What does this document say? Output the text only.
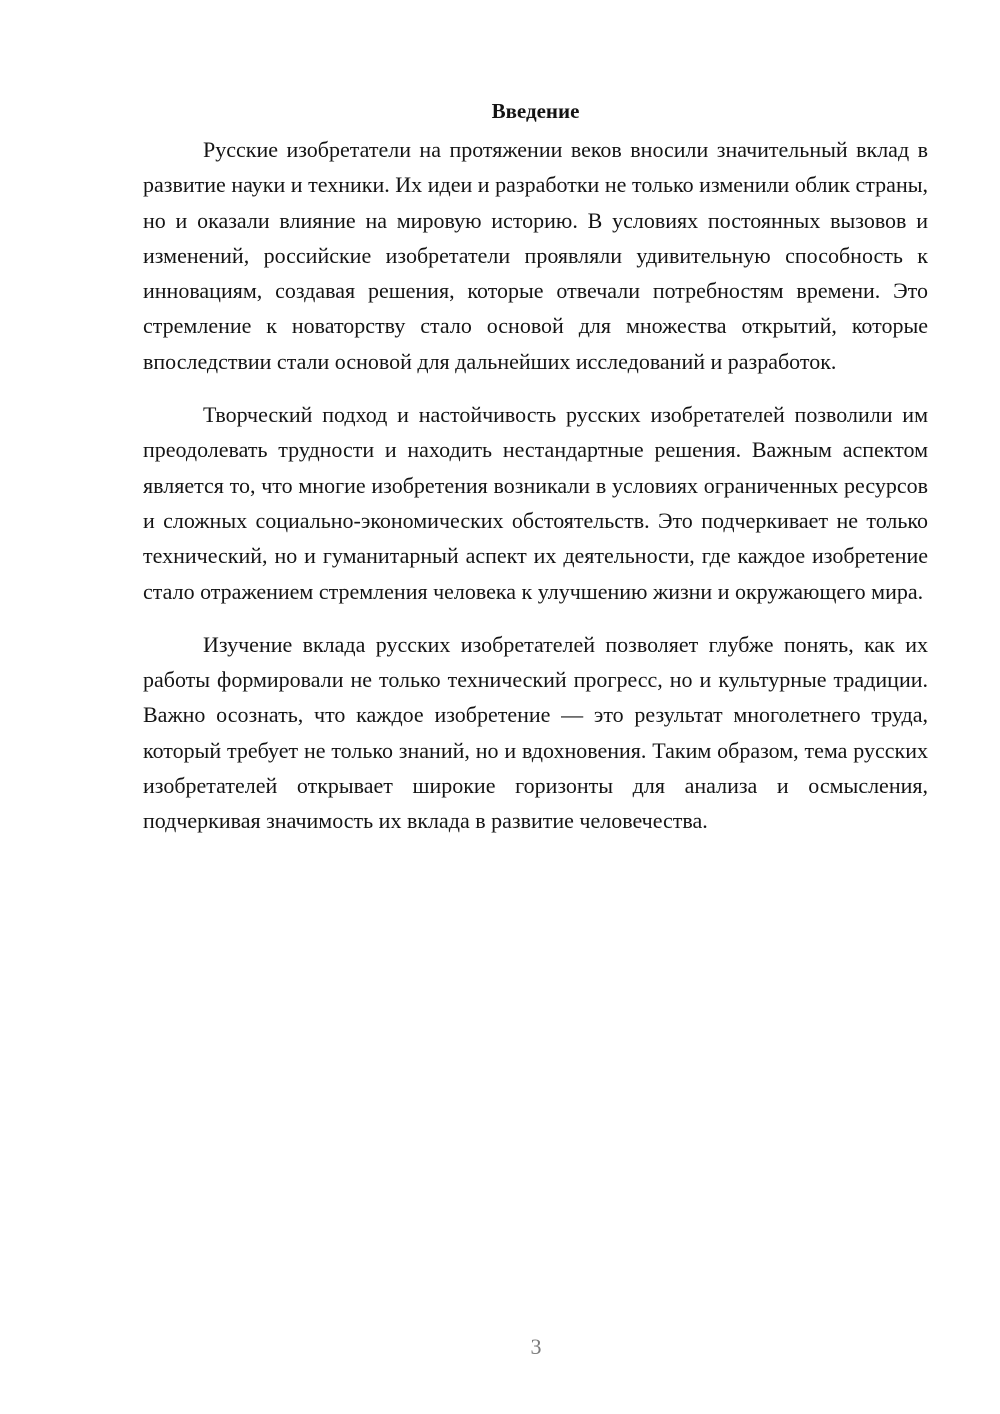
Введение

Русские изобретатели на протяжении веков вносили значительный вклад в развитие науки и техники. Их идеи и разработки не только изменили облик страны, но и оказали влияние на мировую историю. В условиях постоянных вызовов и изменений, российские изобретатели проявляли удивительную способность к инновациям, создавая решения, которые отвечали потребностям времени. Это стремление к новаторству стало основой для множества открытий, которые впоследствии стали основой для дальнейших исследований и разработок.

Творческий подход и настойчивость русских изобретателей позволили им преодолевать трудности и находить нестандартные решения. Важным аспектом является то, что многие изобретения возникали в условиях ограниченных ресурсов и сложных социально-экономических обстоятельств. Это подчеркивает не только технический, но и гуманитарный аспект их деятельности, где каждое изобретение стало отражением стремления человека к улучшению жизни и окружающего мира.

Изучение вклада русских изобретателей позволяет глубже понять, как их работы формировали не только технический прогресс, но и культурные традиции. Важно осознать, что каждое изобретение — это результат многолетнего труда, который требует не только знаний, но и вдохновения. Таким образом, тема русских изобретателей открывает широкие горизонты для анализа и осмысления, подчеркивая значимость их вклада в развитие человечества.

3
